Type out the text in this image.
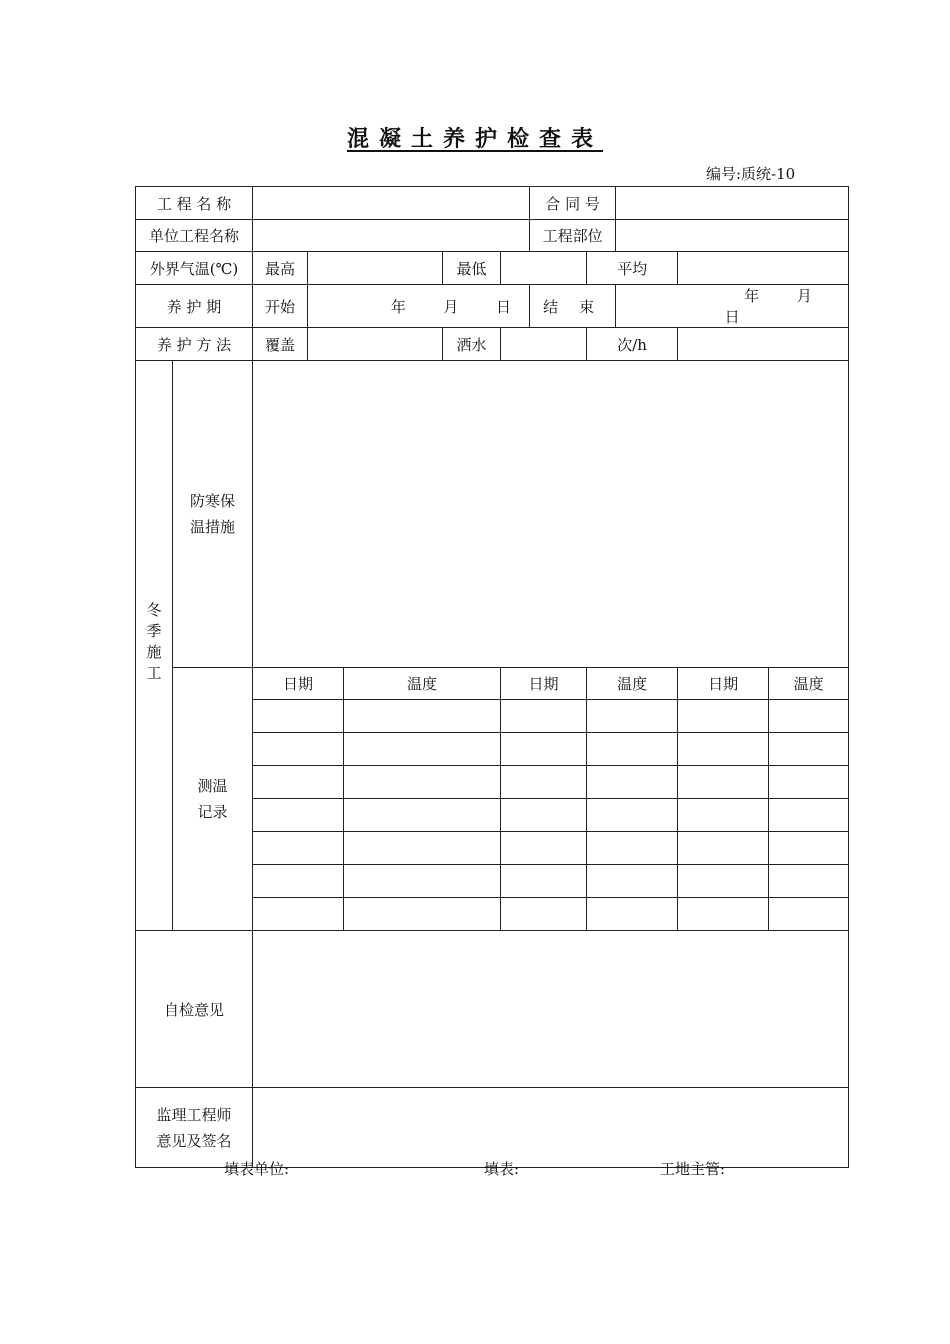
混凝土养护检查表
编号:质统-10
工 程 名 称							合 同 号				
单位工程名称							工程部位				
外界气温(℃)		最高			最低			平均			
养 护 期		开始	年 月 日				结 束		年 月  日		
养 护 方 法		覆盖			洒水			次/h			
冬季施工	防寒保
温措施										

	测温
记录	日期		温度		日期		温度		日期	温度

自检意见											

监理工程师
意见及签名											

填表单位:	填表:	工地主管:
